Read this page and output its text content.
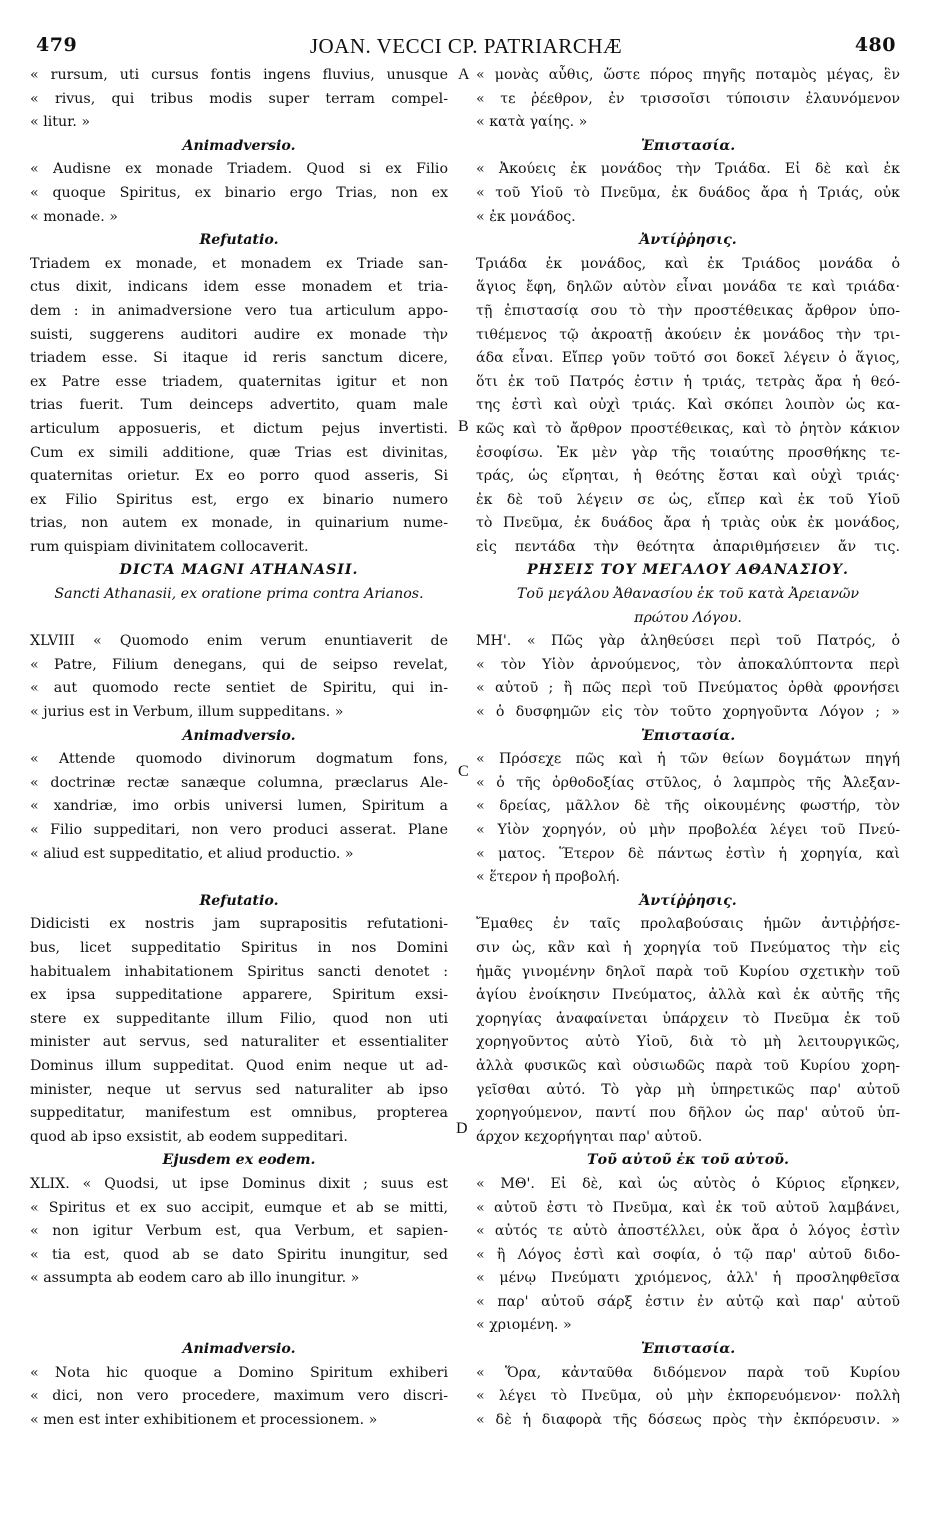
479	JOAN. VECCI CP. PATRIARCHÆ	480
« rursum, uti cursus fontis ingens fluvius, unusque
« rivus, qui tribus modis super terram compel-
« litur. »
Animadversio.
« Audisne ex monade Triadem. Quod si ex Filio
« quoque Spiritus, ex binario ergo Trias, non ex
« monade. »
Refutatio.
Triadem ex monade, et monadem ex Triade san-
ctus dixit, indicans idem esse monadem et tria-
dem : in animadversione vero tua articulum appo-
suisti, suggerens auditori audire ex monade τὴν
triadem esse. Si itaque id reris sanctum dicere,
ex Patre esse triadem, quaternitas igitur et non
trias fuerit. Tum deinceps advertito, quam male
articulum apposueris, et dictum pejus invertisti.
Cum ex simili additione, quæ Trias est divinitas,
quaternitas orietur. Ex eo porro quod asseris, Si
ex Filio Spiritus est, ergo ex binario numero
trias, non autem ex monade, in quinarium nume-
rum quispiam divinitatem collocaverit.
DICTA MAGNI ATHANASII.
Sancti Athanasii, ex oratione prima contra Arianos.
XLVIII « Quomodo enim verum enuntiaverit de
« Patre, Filium denegans, qui de seipso revelat,
« aut quomodo recte sentiet de Spiritu, qui in-
« jurius est in Verbum, illum suppeditans. »
Animadversio.
« Attende quomodo divinorum dogmatum fons,
« doctrinæ rectæ sanæque columna, præclarus Ale-
« xandriæ, imo orbis universi lumen, Spiritum a
« Filio suppeditari, non vero produci asserat. Plane
« aliud est suppeditatio, et aliud productio. »
Refutatio.
Didicisti ex nostris jam suprapositis refutationi-
bus, licet suppeditatio Spiritus in nos Domini
habitualem inhabitationem Spiritus sancti denotet :
ex ipsa suppeditatione apparere, Spiritum exsi-
stere ex suppeditante illum Filio, quod non uti
minister aut servus, sed naturaliter et essentialiter
Dominus illum suppeditat. Quod enim neque ut ad-
minister, neque ut servus sed naturaliter ab ipso
suppeditatur, manifestum est omnibus, propterea
quod ab ipso exsistit, ab eodem suppeditari.
Ejusdem ex eodem.
XLIX. « Quodsi, ut ipse Dominus dixit ; suus est
« Spiritus et ex suo accipit, eumque et ab se mitti,
« non igitur Verbum est, qua Verbum, et sapien-
« tia est, quod ab se dato Spiritu inungitur, sed
« assumpta ab eodem caro ab illo inungitur. »
Animadversio.
« Nota hic quoque a Domino Spiritum exhiberi
« dici, non vero procedere, maximum vero discri-
« men est inter exhibitionem et processionem. »
« μονὰς αὖθις, ὥστε πόρος πηγῆς ποταμὸς μέγας, ἓν
« τε ῥέεθρον, ἐν τρισσοῖσι τύποισιν ἐλαυνόμενον
« κατὰ γαίης. »
Ἐπιστασία.
« Ἀκούεις ἐκ μονάδος τὴν Τριάδα. Εἰ δὲ καὶ ἐκ
« τοῦ Υἱοῦ τὸ Πνεῦμα, ἐκ δυάδος ἄρα ἡ Τριάς, οὐκ
« ἐκ μονάδος.
Ἀντίῤῥησις.
Τριάδα ἐκ μονάδος, καὶ ἐκ Τριάδος μονάδα ὁ
ἅγιος ἔφη, δηλῶν αὐτὸν εἶναι μονάδα τε καὶ τριάδα·
τῇ ἐπιστασίᾳ σου τὸ τὴν προστέθεικας ἄρθρον ὑπο-
τιθέμενος τῷ ἀκροατῇ ἀκούειν ἐκ μονάδος τὴν τρι-
άδα εἶναι. Εἴπερ γοῦν τοῦτό σοι δοκεῖ λέγειν ὁ ἅγιος,
ὅτι ἐκ τοῦ Πατρός ἐστιν ἡ τριάς, τετρὰς ἄρα ἡ θεό-
της ἐστὶ καὶ οὐχὶ τριάς. Καὶ σκόπει λοιπὸν ὡς κα-
κῶς καὶ τὸ ἄρθρον προστέθεικας, καὶ τὸ ῥητὸν κάκιον
ἐσοφίσω. Ἐκ μὲν γὰρ τῆς τοιαύτης προσθήκης τε-
τράς, ὡς εἴρηται, ἡ θεότης ἔσται καὶ οὐχὶ τριάς·
ἐκ δὲ τοῦ λέγειν σε ὡς, εἴπερ καὶ ἐκ τοῦ Υἱοῦ
τὸ Πνεῦμα, ἐκ δυάδος ἄρα ἡ τριὰς οὐκ ἐκ μονάδος,
εἰς πεντάδα τὴν θεότητα ἀπαριθμήσειεν ἄν τις.
ΡΗΣΕΙΣ ΤΟΥ ΜΕΓΑΛΟΥ ΑΘΑΝΑΣΙΟΥ.
Τοῦ μεγάλου Ἀθανασίου ἐκ τοῦ κατὰ Ἀρειανῶν
πρώτου Λόγου.
ΜΗ'. « Πῶς γὰρ ἀληθεύσει περὶ τοῦ Πατρός, ὁ
« τὸν Υἱὸν ἀρνούμενος, τὸν ἀποκαλύπτοντα περὶ
« αὐτοῦ ; ἢ πῶς περὶ τοῦ Πνεύματος ὀρθὰ φρονήσει
« ὁ δυσφημῶν εἰς τὸν τοῦτο χορηγοῦντα Λόγον ; »
Ἐπιστασία.
« Πρόσεχε πῶς καὶ ἡ τῶν θείων δογμάτων πηγή
« ὁ τῆς ὀρθοδοξίας στῦλος, ὁ λαμπρὸς τῆς Ἀλεξαν-
« δρείας, μᾶλλον δὲ τῆς οἰκουμένης φωστήρ, τὸν
« Υἱὸν χορηγόν, οὐ μὴν προβολέα λέγει τοῦ Πνεύ-
« ματος. Ἕτερον δὲ πάντως ἐστὶν ἡ χορηγία, καὶ
« ἕτερον ἡ προβολή.
Ἀντίῤῥησις.
Ἔμαθες ἐν ταῖς προλαβούσαις ἡμῶν ἀντιῤῥήσε-
σιν ὡς, κἂν καὶ ἡ χορηγία τοῦ Πνεύματος τὴν εἰς
ἡμᾶς γινομένην δηλοῖ παρὰ τοῦ Κυρίου σχετικὴν τοῦ
ἁγίου ἐνοίκησιν Πνεύματος, ἀλλὰ καὶ ἐκ αὐτῆς τῆς
χορηγίας ἀναφαίνεται ὑπάρχειν τὸ Πνεῦμα ἐκ τοῦ
χορηγοῦντος αὐτὸ Υἱοῦ, διὰ τὸ μὴ λειτουργικῶς,
ἀλλὰ φυσικῶς καὶ οὐσιωδῶς παρὰ τοῦ Κυρίου χορη-
γεῖσθαι αὐτό. Τὸ γὰρ μὴ ὑπηρετικῶς παρ' αὐτοῦ
χορηγούμενον, παντί που δῆλον ὡς παρ' αὐτοῦ ὑπ-
άρχον κεχορήγηται παρ' αὐτοῦ.
Τοῦ αὐτοῦ ἐκ τοῦ αὐτοῦ.
« ΜΘ'. Εἰ δὲ, καὶ ὡς αὐτὸς ὁ Κύριος εἴρηκεν,
« αὐτοῦ ἐστι τὸ Πνεῦμα, καὶ ἐκ τοῦ αὐτοῦ λαμβάνει,
« αὐτός τε αὐτὸ ἀποστέλλει, οὐκ ἄρα ὁ λόγος ἐστὶν
« ἢ Λόγος ἐστὶ καὶ σοφία, ὁ τῷ παρ' αὐτοῦ διδο-
« μένῳ Πνεύματι χριόμενος, ἀλλ' ἡ προσληφθεῖσα
« παρ' αὐτοῦ σάρξ ἐστιν ἐν αὐτῷ καὶ παρ' αὐτοῦ
« χριομένη. »
Ἐπιστασία.
« Ὅρα, κἀνταῦθα διδόμενον παρὰ τοῦ Κυρίου
« λέγει τὸ Πνεῦμα, οὐ μὴν ἐκπορευόμενον· πολλὴ
« δὲ ἡ διαφορὰ τῆς δόσεως πρὸς τὴν ἐκπόρευσιν. »
A
B
C
D
